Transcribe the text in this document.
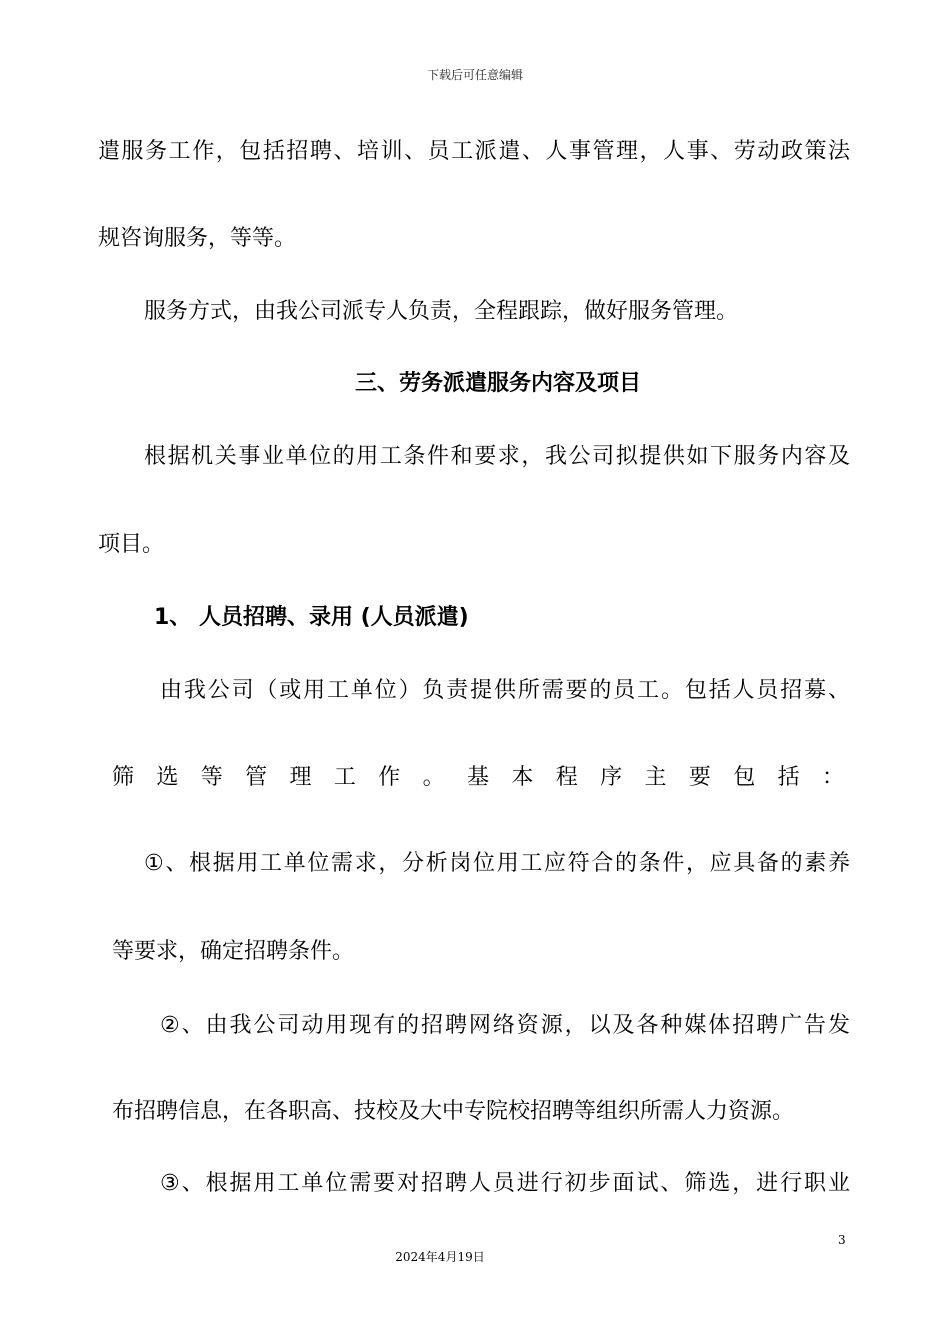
下载后可任意编辑
遣服务工作，包括招聘、培训、员工派遣、人事管理，人事、劳动政策法
规咨询服务，等等。
服务方式，由我公司派专人负责，全程跟踪，做好服务管理。
三、劳务派遣服务内容及项目
根据机关事业单位的用工条件和要求，我公司拟提供如下服务内容及
项目。
1、 人员招聘、录用 (人员派遣)
由我公司（或用工单位）负责提供所需要的员工。包括人员招募、
筛选等管理工作。基本程序主要包括：
①、根据用工单位需求，分析岗位用工应符合的条件，应具备的素养
等要求，确定招聘条件。
②、由我公司动用现有的招聘网络资源，以及各种媒体招聘广告发
布招聘信息，在各职高、技校及大中专院校招聘等组织所需人力资源。
③、根据用工单位需要对招聘人员进行初步面试、筛选，进行职业
3
2024年4月19日
